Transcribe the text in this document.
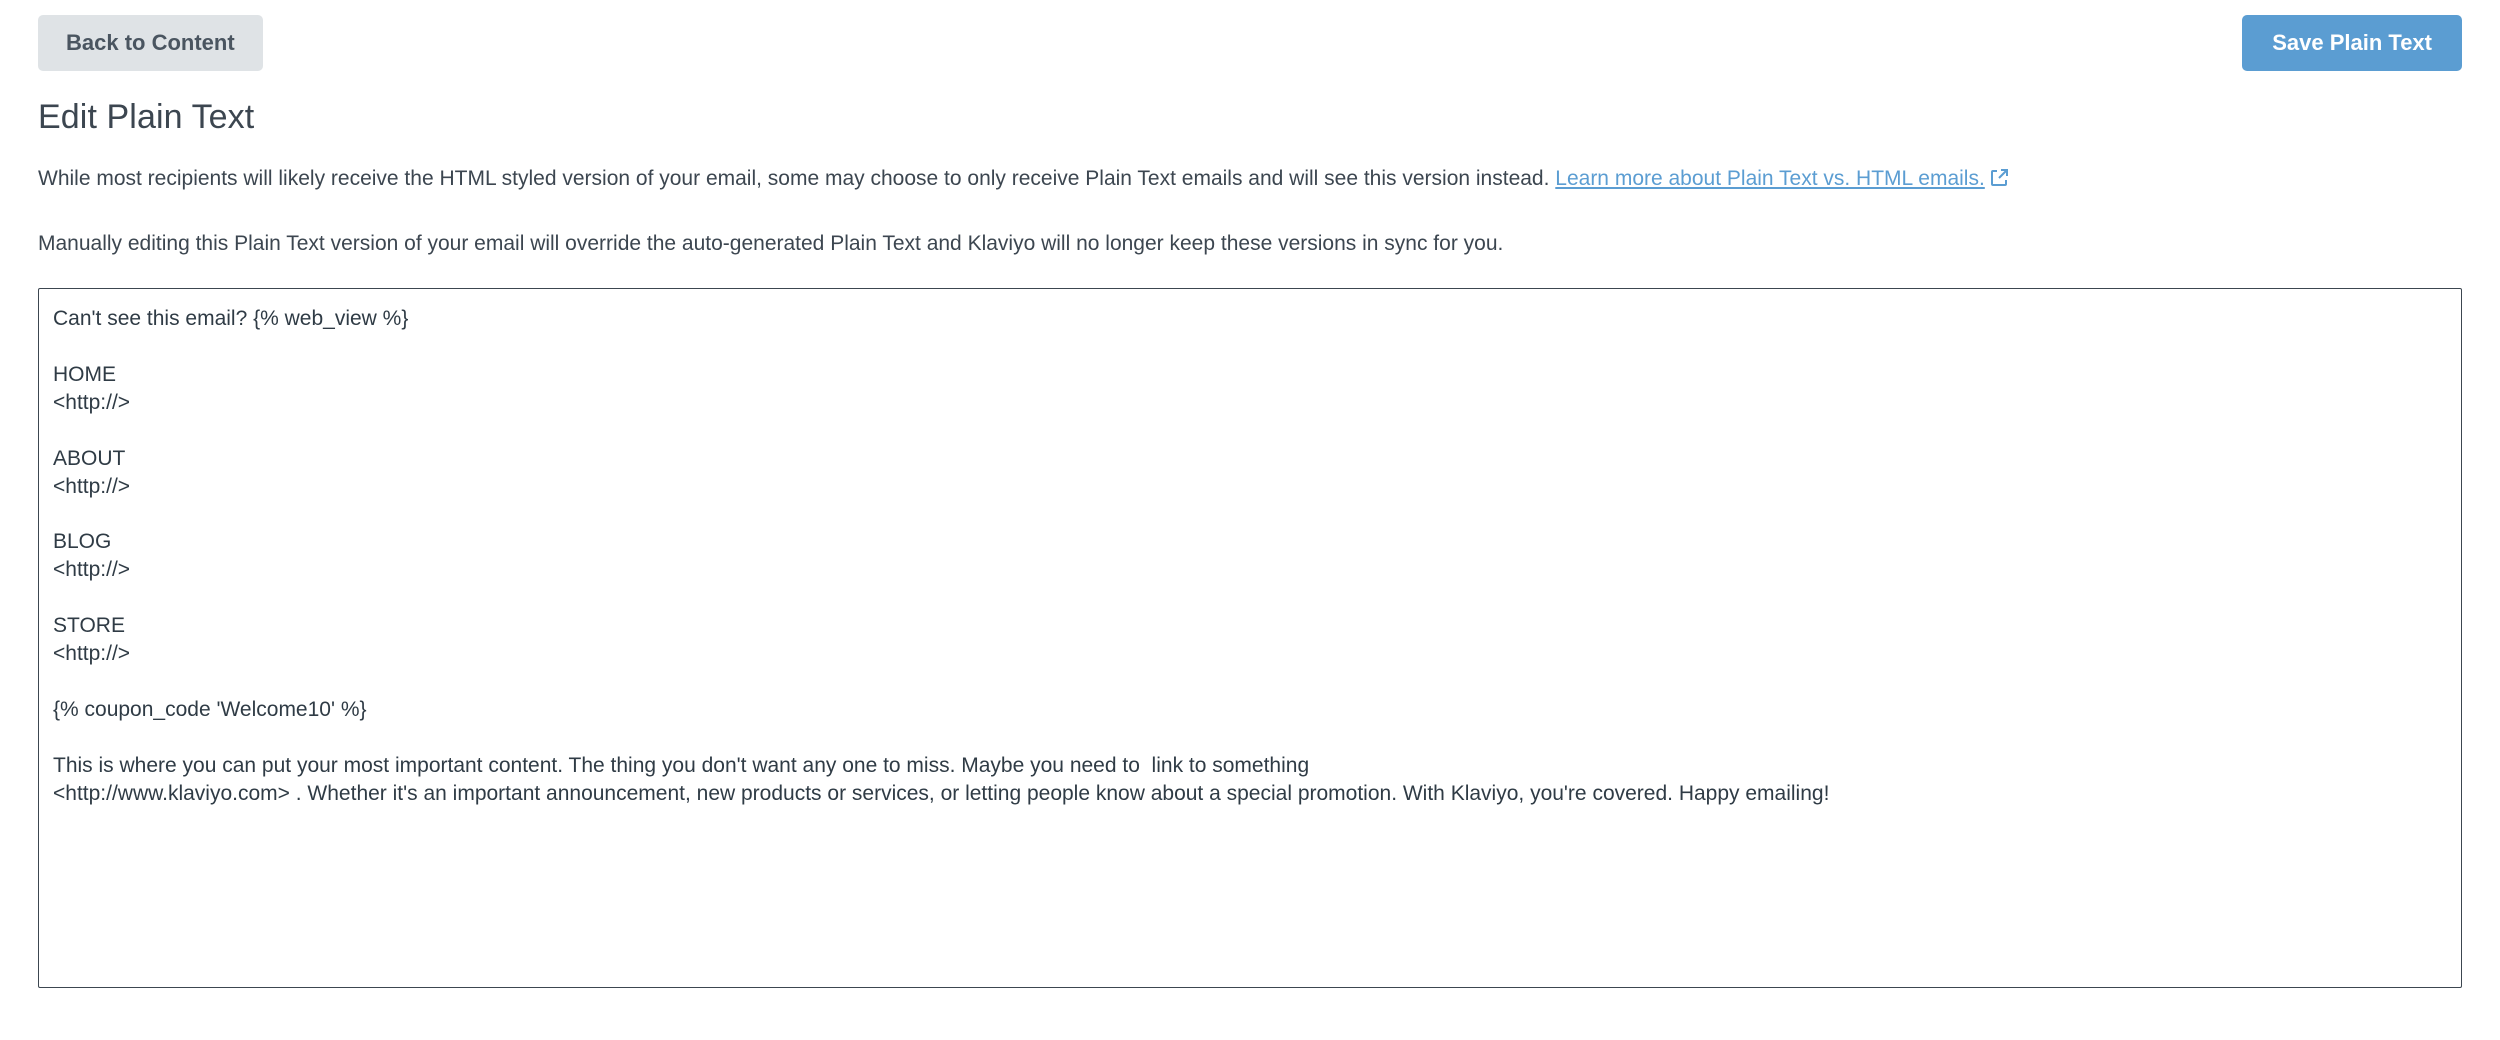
Back to Content	Save Plain Text
Edit Plain Text

While most recipients will likely receive the HTML styled version of your email, some may choose to only receive Plain Text emails and will see this version instead. Learn more about Plain Text vs. HTML emails.

Manually editing this Plain Text version of your email will override the auto-generated Plain Text and Klaviyo will no longer keep these versions in sync for you.

Can't see this email? {% web_view %} HOME <http://> ABOUT <http://> BLOG <http://> STORE <http://> {% coupon_code 'Welcome10' %} This is where you can put your most important content. The thing you don't want any one to miss. Maybe you need to link to something <http://www.klaviyo.com> . Whether it's an important announcement, new products or services, or letting people know about a special promotion. With Klaviyo, you're covered. Happy emailing!
